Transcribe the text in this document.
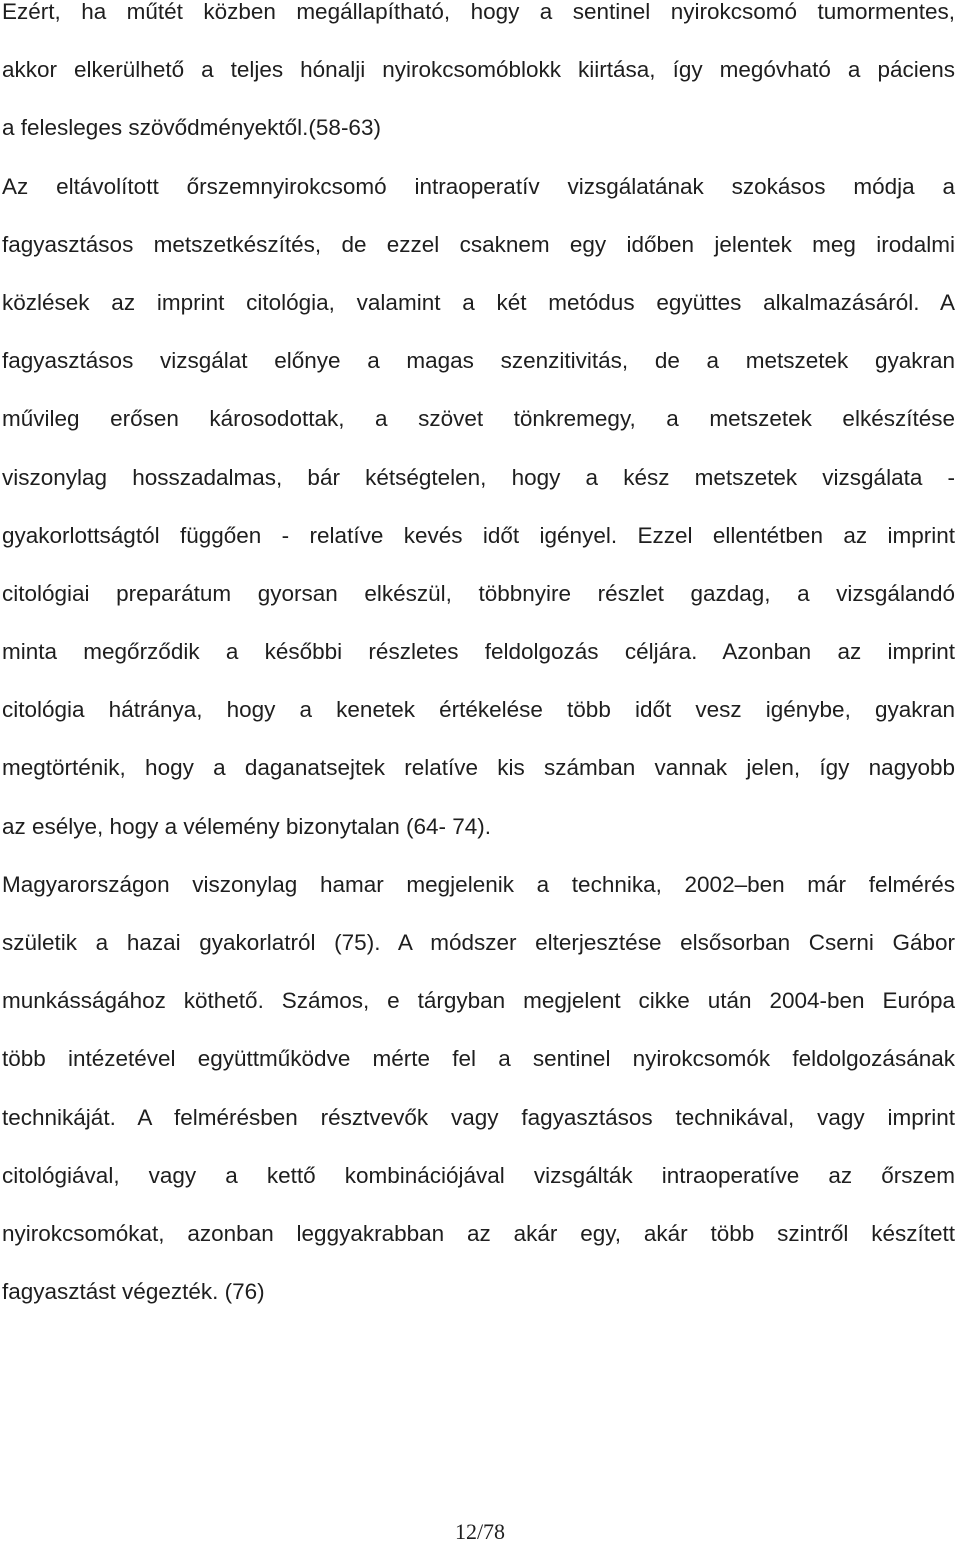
Ezért, ha műtét közben megállapítható, hogy a sentinel nyirokcsomó tumormentes,
akkor elkerülhető a teljes hónalji nyirokcsomóblokk kiirtása, így megóvható a páciens
a felesleges szövődményektől.(58-63)
Az eltávolított őrszemnyirokcsomó intraoperatív vizsgálatának szokásos módja a
fagyasztásos metszetkészítés, de ezzel csaknem egy időben jelentek meg irodalmi
közlések az imprint citológia, valamint a két metódus együttes alkalmazásáról. A
fagyasztásos vizsgálat előnye a magas szenzitivitás, de a metszetek gyakran
művileg erősen károsodottak, a szövet tönkremegy, a metszetek elkészítése
viszonylag hosszadalmas, bár kétségtelen, hogy a kész metszetek vizsgálata -
gyakorlottságtól függően - relatíve kevés időt igényel. Ezzel ellentétben az imprint
citológiai preparátum gyorsan elkészül, többnyire részlet gazdag, a vizsgálandó
minta megőrződik a későbbi részletes feldolgozás céljára. Azonban az imprint
citológia hátránya, hogy a kenetek értékelése több időt vesz igénybe, gyakran
megtörténik, hogy a daganatsejtek relatíve kis számban vannak jelen, így nagyobb
az esélye, hogy a vélemény bizonytalan (64- 74).
Magyarországon viszonylag hamar megjelenik a technika, 2002–ben már felmérés
születik a hazai gyakorlatról (75). A módszer elterjesztése elsősorban Cserni Gábor
munkásságához köthető. Számos, e tárgyban megjelent cikke után 2004-ben Európa
több intézetével együttműködve mérte fel a sentinel nyirokcsomók feldolgozásának
technikáját. A felmérésben résztvevők vagy fagyasztásos technikával, vagy imprint
citológiával, vagy a kettő kombinációjával vizsgálták intraoperatíve az őrszem
nyirokcsomókat, azonban leggyakrabban az akár egy, akár több szintről készített
fagyasztást végezték. (76)
12/78
